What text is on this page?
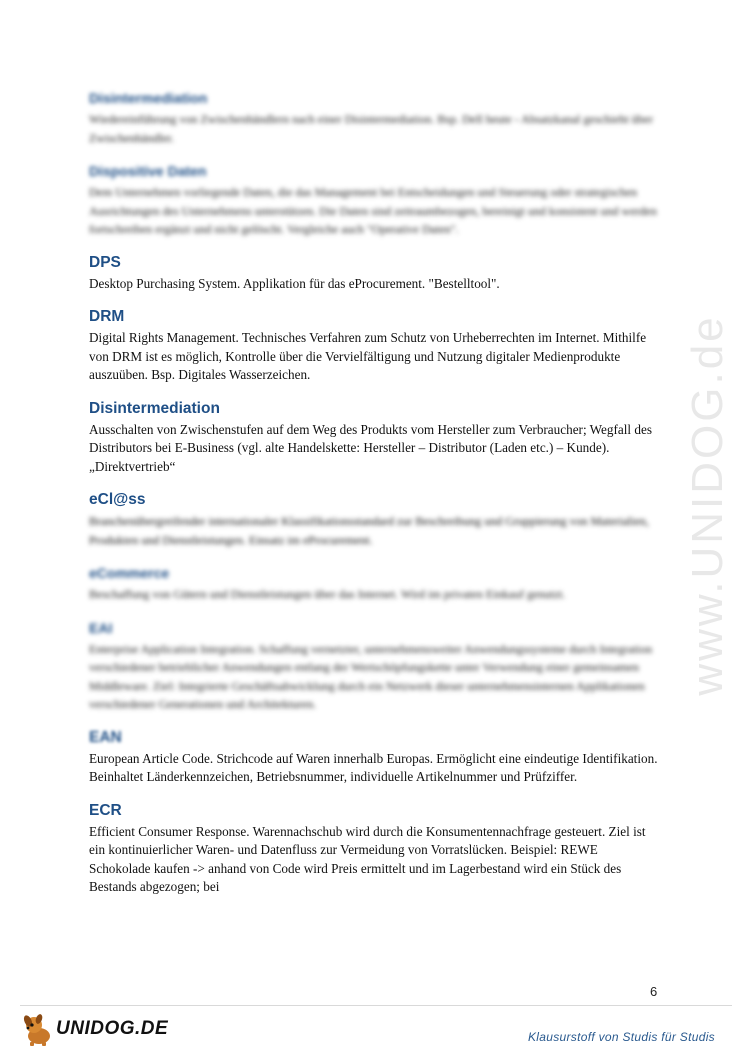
www.UNIDOG.de

Disintermediation

Wiedereinführung von Zwischenhändlern nach einer Disintermediation. Bsp. Dell heute - Absatzkanal geschieht über Zwischenhändler.

Dispositive Daten

Dem Unternehmen vorliegende Daten, die das Management bei Entscheidungen und Steuerung oder strategischen Ausrichtungen des Unternehmens unterstützen. Die Daten sind zeitraumbezogen, bereinigt und konsistent und werden fortschreiben ergänzt und nicht gelöscht. Vergleiche auch "Operative Daten".

DPS

Desktop Purchasing System. Applikation für das eProcurement. "Bestelltool".

DRM

Digital Rights Management. Technisches Verfahren zum Schutz von Urheberrechten im Internet. Mithilfe von DRM ist es möglich, Kontrolle über die Vervielfältigung und Nutzung digitaler Medienprodukte auszuüben. Bsp. Digitales Wasserzeichen.

Disintermediation

Ausschalten von Zwischenstufen auf dem Weg des Produkts vom Hersteller zum Verbraucher; Wegfall des Distributors bei E-Business (vgl. alte Handelskette: Hersteller – Distributor (Laden etc.) – Kunde). „Direktvertrieb“

eCl@ss

Branchenübergreifender internationaler Klassifikationsstandard zur Beschreibung und Gruppierung von Materialien, Produkten und Dienstleistungen. Einsatz im eProcurement.

eCommerce

Beschaffung von Gütern und Dienstleistungen über das Internet. Wird im privaten Einkauf genutzt.

EAI

Enterprise Application Integration. Schaffung vernetzter, unternehmensweiter Anwendungssysteme durch Integration verschiedener betrieblicher Anwendungen entlang der Wertschöpfungskette unter Verwendung einer gemeinsamen Middleware. Ziel: Integrierte Geschäftsabwicklung durch ein Netzwerk dieser unternehmensinternen Applikationen verschiedener Generationen und Architekturen.

EAN

European Article Code. Strichcode auf Waren innerhalb Europas. Ermöglicht eine eindeutige Identifikation. Beinhaltet Länderkennzeichen, Betriebsnummer, individuelle Artikelnummer und Prüfziffer.

ECR

Efficient Consumer Response. Warennachschub wird durch die Konsumentennachfrage gesteuert. Ziel ist ein kontinuierlicher Waren- und Datenfluss zur Vermeidung von Vorratslücken. Beispiel: REWE Schokolade kaufen -> anhand von Code wird Preis ermittelt und im Lagerbestand wird ein Stück des Bestands abgezogen; bei

6
UNIDOG.DE	Klausurstoff von Studis für Studis
